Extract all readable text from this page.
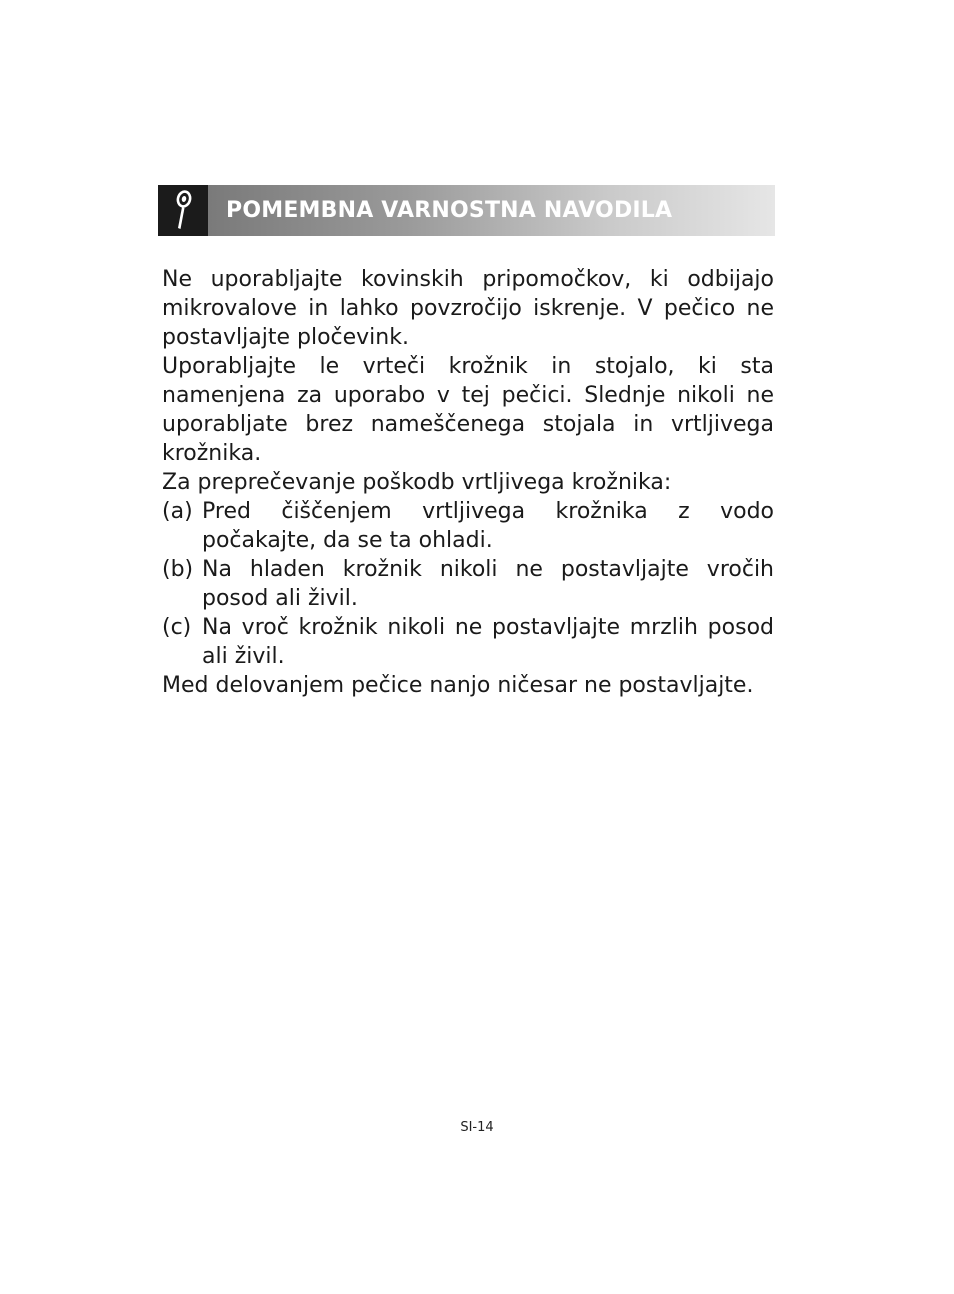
POMEMBNA VARNOSTNA NAVODILA

Ne uporabljajte kovinskih pripomočkov, ki odbijajo mikrovalove in lahko povzročijo iskrenje. V pečico ne postavljajte pločevink.

Uporabljajte le vrteči krožnik in stojalo, ki sta namenjena za uporabo v tej pečici. Slednje nikoli ne uporabljate brez nameščenega stojala in vrtljivega krožnika.

Za preprečevanje poškodb vrtljivega krožnika:

(a) Pred čiščenjem vrtljivega krožnika z vodo počakajte, da se ta ohladi.
(b) Na hladen krožnik nikoli ne postavljajte vročih posod ali živil.
(c) Na vroč krožnik nikoli ne postavljajte mrzlih posod ali živil.

Med delovanjem pečice nanjo ničesar ne postavljajte.

SI-14
